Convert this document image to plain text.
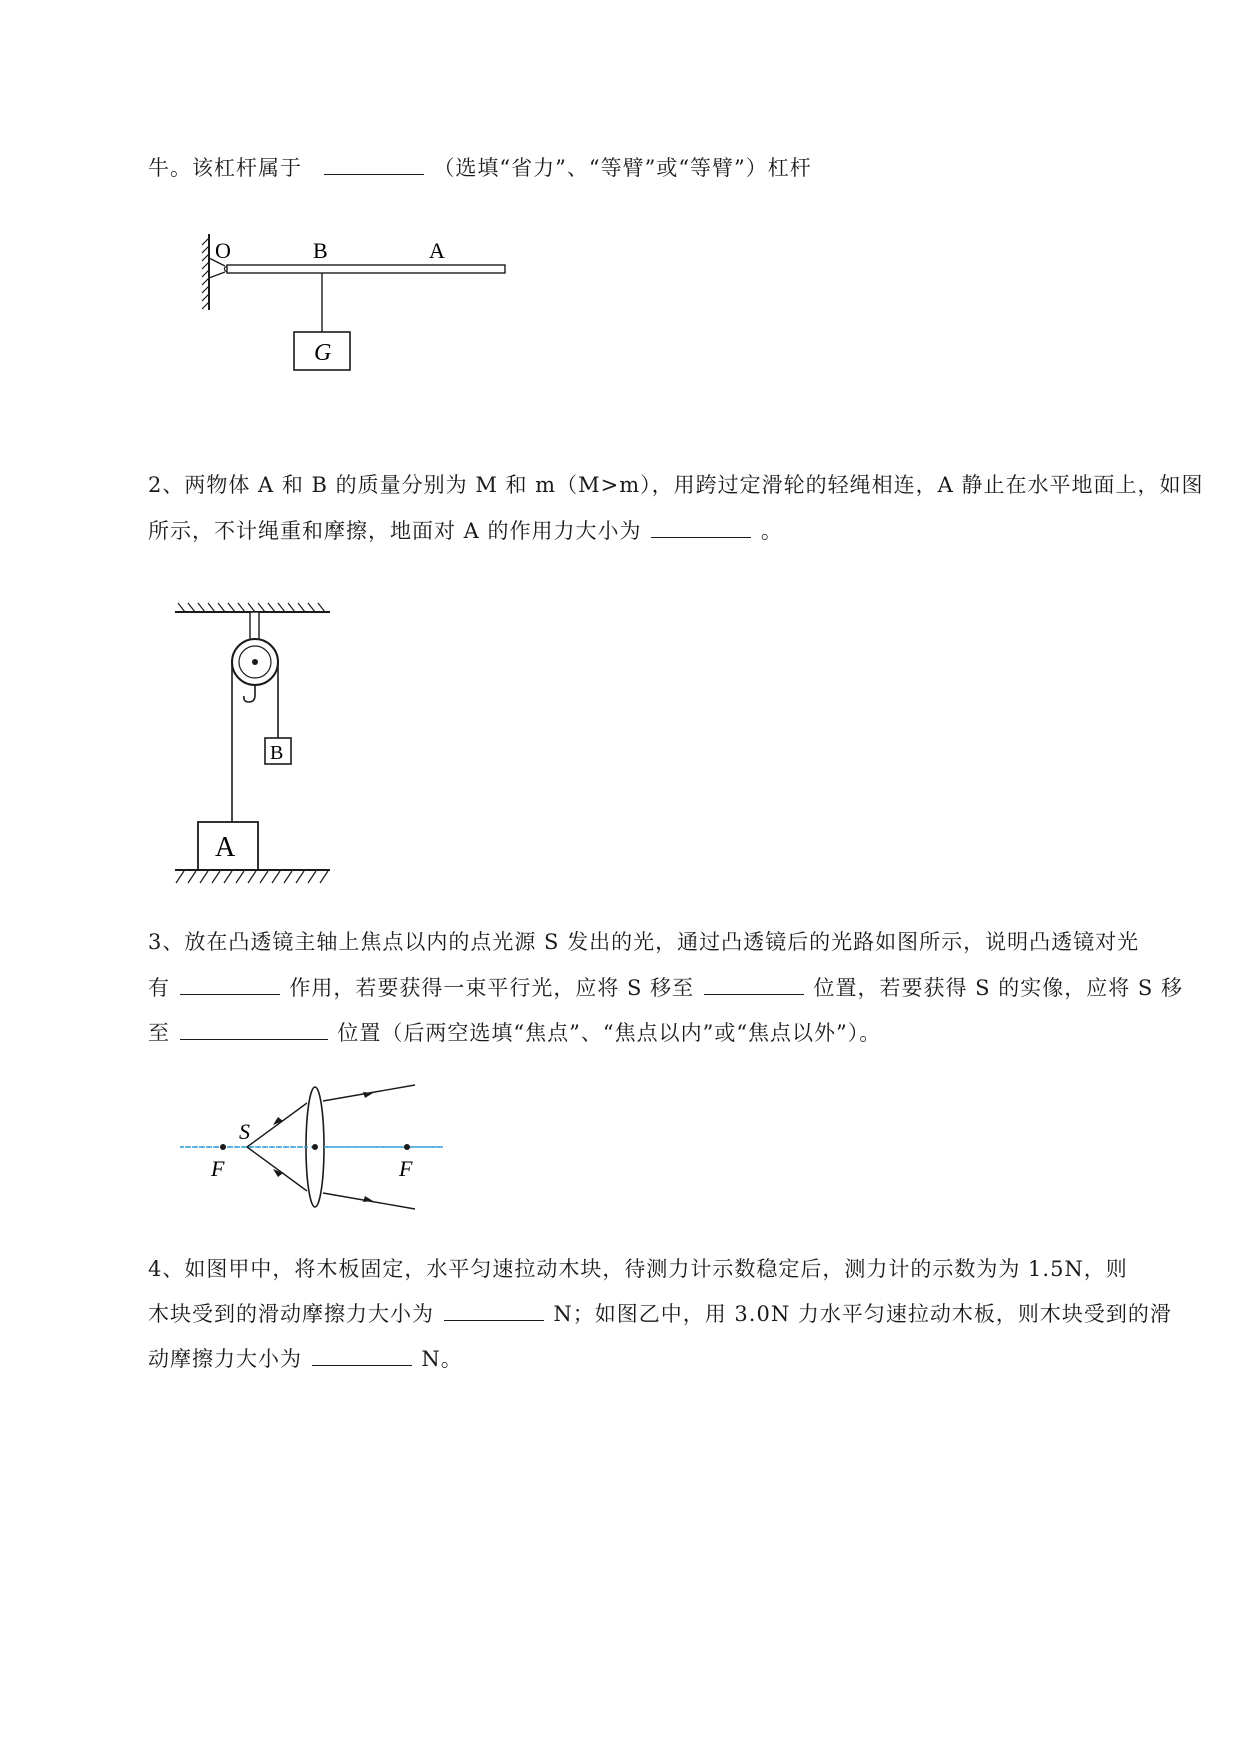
牛。该杠杆属于	（选填“省力”、“等臂”或“等臂”）杠杆
O	B	A
G
2、两物体 A 和 B 的质量分别为 M 和 m（M>m），用跨过定滑轮的轻绳相连，A 静止在水平地面上，如图
所示，不计绳重和摩擦，地面对 A 的作用力大小为	。
B
A
3、放在凸透镜主轴上焦点以内的点光源 S 发出的光，通过凸透镜后的光路如图所示，说明凸透镜对光
有	作用，若要获得一束平行光，应将 S 移至	位置，若要获得 S 的实像，应将 S 移
至	位置（后两空选填“焦点”、“焦点以内”或“焦点以外”）。
S
F	F
4、如图甲中，将木板固定，水平匀速拉动木块，待测力计示数稳定后，测力计的示数为为 1.5N，则
木块受到的滑动摩擦力大小为	N；如图乙中，用 3.0N 力水平匀速拉动木板，则木块受到的滑
动摩擦力大小为	N。
